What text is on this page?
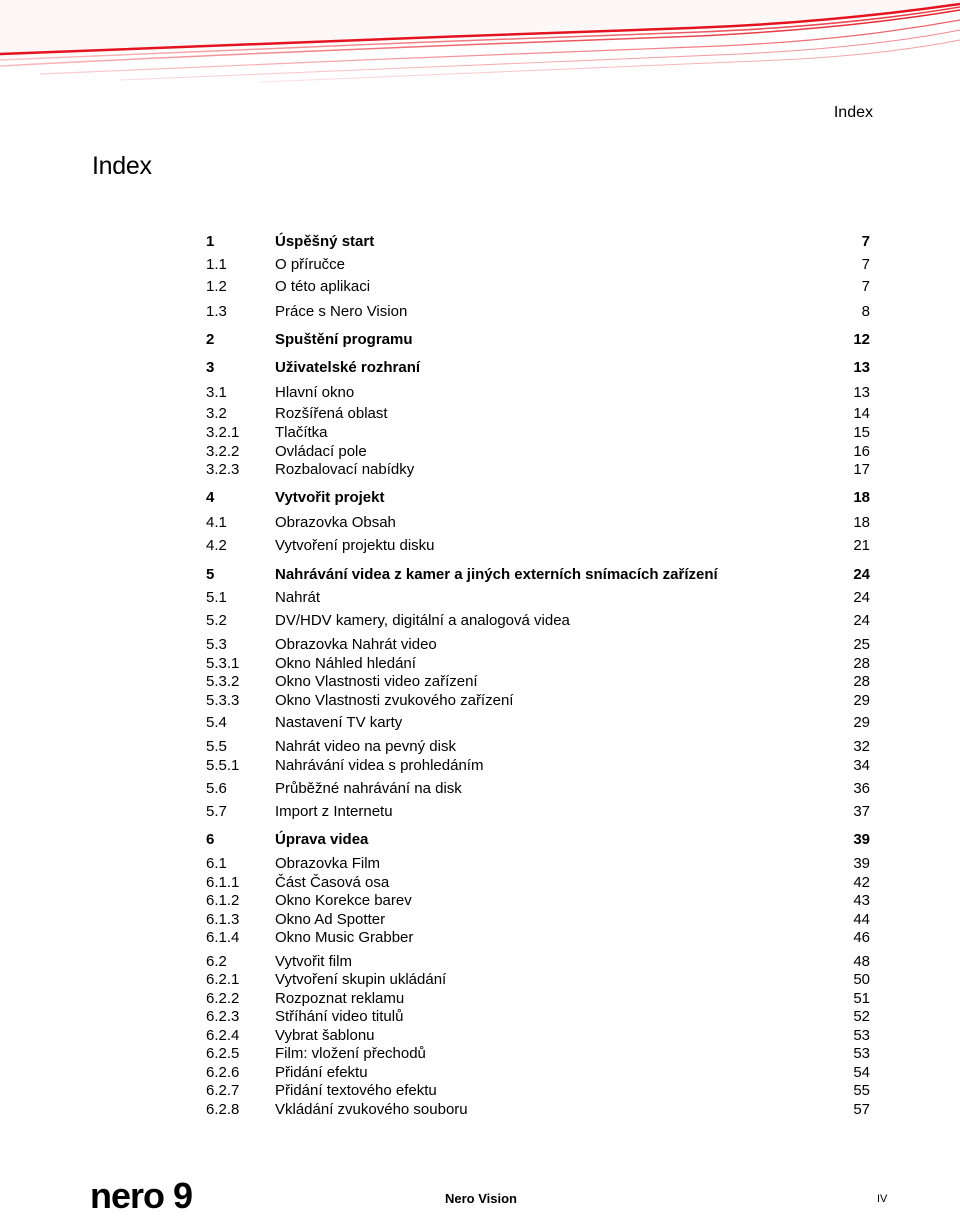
Index
Index
1	Úspěšný start	7
1.1	O příručce	7
1.2	O této aplikaci	7
1.3	Práce s Nero Vision	8
2	Spuštění programu	12
3	Uživatelské rozhraní	13
3.1	Hlavní okno	13
3.2	Rozšířená oblast	14
3.2.1 Tlačítka	15
3.2.2 Ovládací pole	16
3.2.3 Rozbalovací nabídky	17
4	Vytvořit projekt	18
4.1	Obrazovka Obsah	18
4.2	Vytvoření projektu disku	21
5	Nahrávání videa z kamer a jiných externích snímacích zařízení	24
5.1	Nahrát	24
5.2	DV/HDV kamery, digitální a analogová videa	24
5.3	Obrazovka Nahrát video	25
5.3.1 Okno Náhled hledání	28
5.3.2 Okno Vlastnosti video zařízení	28
5.3.3 Okno Vlastnosti zvukového zařízení	29
5.4	Nastavení TV karty	29
5.5	Nahrát video na pevný disk	32
5.5.1 Nahrávání videa s prohledáním	34
5.6	Průběžné nahrávání na disk	36
5.7	Import z Internetu	37
6	Úprava videa	39
6.1	Obrazovka Film	39
6.1.1 Část Časová osa	42
6.1.2 Okno Korekce barev	43
6.1.3 Okno Ad Spotter	44
6.1.4 Okno Music Grabber	46
6.2	Vytvořit film	48
6.2.1 Vytvoření skupin ukládání	50
6.2.2 Rozpoznat reklamu	51
6.2.3 Stříhání video titulů	52
6.2.4 Vybrat šablonu	53
6.2.5 Film: vložení přechodů	53
6.2.6 Přidání efektu	54
6.2.7 Přidání textového efektu	55
6.2.8 Vkládání zvukového souboru	57
nero 9	Nero Vision	IV
